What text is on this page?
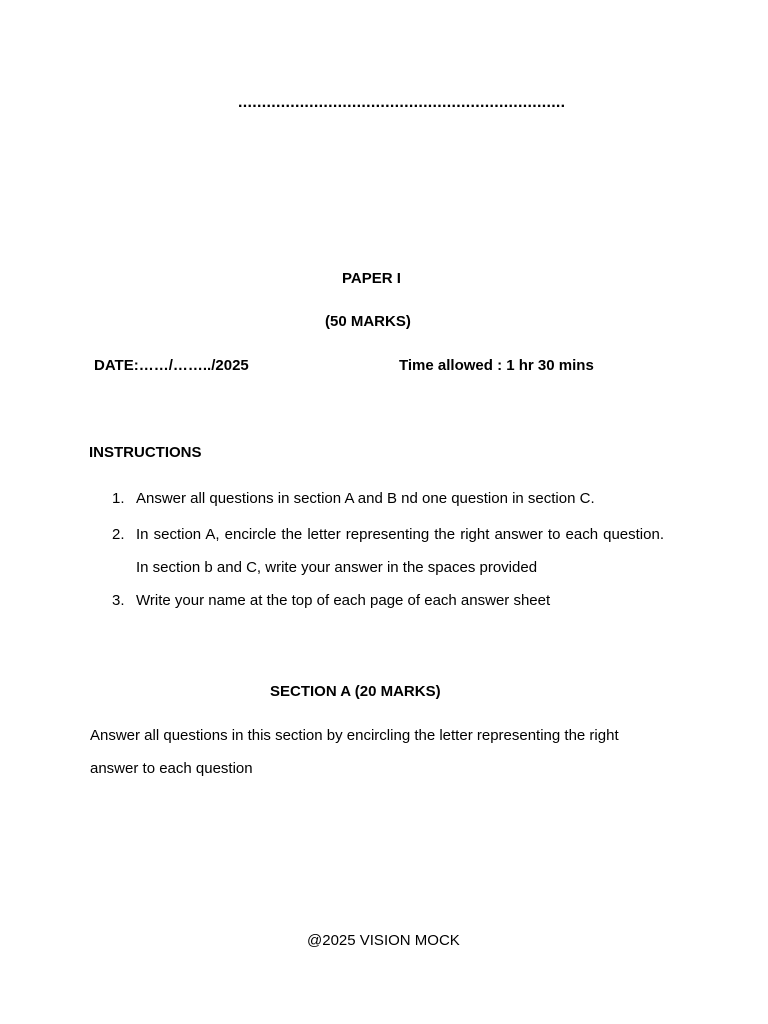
.....................................................................
PAPER I
(50 MARKS)
DATE:……/……../2025	Time allowed : 1 hr 30 mins
INSTRUCTIONS
1. Answer all questions in section A and B nd one question in section C.
2. In section A, encircle the letter representing the right answer to each question. In section b and C, write your answer in the spaces provided
3. Write your name at the top of each page of each answer sheet
SECTION A (20 MARKS)
Answer all questions in this section by encircling the letter representing the right answer to each question
@2025 VISION MOCK
